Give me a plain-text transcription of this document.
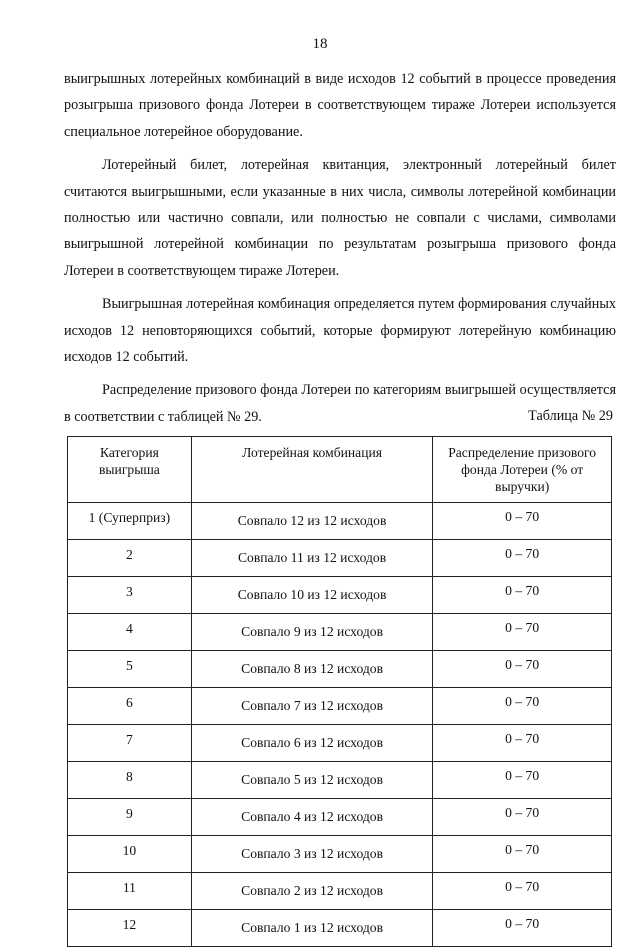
18

выигрышных лотерейных комбинаций в виде исходов 12 событий в процессе проведения розыгрыша призового фонда Лотереи в соответствующем тираже Лотереи используется специальное лотерейное оборудование.

Лотерейный билет, лотерейная квитанция, электронный лотерейный билет считаются выигрышными, если указанные в них числа, символы лотерейной комбинации полностью или частично совпали, или полностью не совпали с числами, символами выигрышной лотерейной комбинации по результатам розыгрыша призового фонда Лотереи в соответствующем тираже Лотереи.

Выигрышная лотерейная комбинация определяется путем формирования случайных исходов 12 неповторяющихся событий, которые формируют лотерейную комбинацию исходов 12 событий.

Распределение призового фонда Лотереи по категориям выигрышей осуществляется в соответствии с таблицей № 29.	Таблица № 29
Категория выигрыша	Лотерейная комбинация	Распределение призового фонда Лотереи (% от выручки)
1 (Суперприз)	Совпало 12 из 12 исходов	0 – 70
2	Совпало 11 из 12 исходов	0 – 70
3	Совпало 10 из 12 исходов	0 – 70
4	Совпало 9 из 12 исходов	0 – 70
5	Совпало 8 из 12 исходов	0 – 70
6	Совпало 7 из 12 исходов	0 – 70
7	Совпало 6 из 12 исходов	0 – 70
8	Совпало 5 из 12 исходов	0 – 70
9	Совпало 4 из 12 исходов	0 – 70
10	Совпало 3 из 12 исходов	0 – 70
11	Совпало 2 из 12 исходов	0 – 70
12	Совпало 1 из 12 исходов	0 – 70
